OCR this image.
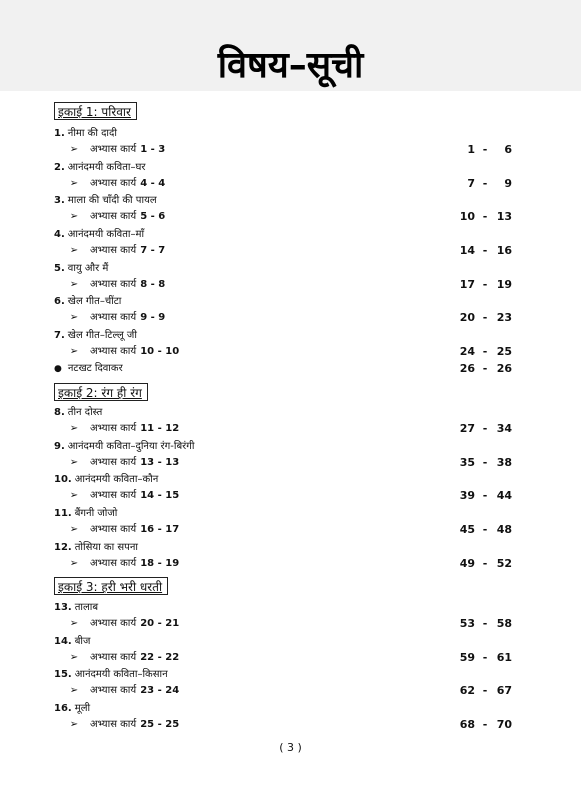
विषय–सूची
इकाई 1: परिवार
1. नीमा की दादी
➢ अभ्यास कार्य 1 - 3	1 -	6
2. आनंदमयी कविता–घर
➢ अभ्यास कार्य 4 - 4	7 -	9
3. माला की चाँदी की पायल
➢ अभ्यास कार्य 5 - 6	10 - 13
4. आनंदमयी कविता–माँ
➢ अभ्यास कार्य 7 - 7	14 - 16
5. वायु और मैं
➢ अभ्यास कार्य 8 - 8	17 - 19
6. खेल गीत–चींटा
➢ अभ्यास कार्य 9 - 9	20 - 23
7. खेल गीत–टिल्लू जी
➢ अभ्यास कार्य 10 - 10	24 - 25
● नटखट दिवाकर	26 - 26
इकाई 2: रंग ही रंग
8. तीन दोस्त
➢ अभ्यास कार्य 11 - 12	27 - 34
9. आनंदमयी कविता–दुनिया रंग-बिरंगी
➢ अभ्यास कार्य 13 - 13	35 - 38
10. आनंदमयी कविता–कौन
➢ अभ्यास कार्य 14 - 15	39 - 44
11. बैंगनी जोजो
➢ अभ्यास कार्य 16 - 17	45 - 48
12. तोसिया का सपना
➢ अभ्यास कार्य 18 - 19	49 - 52
इकाई 3: हरी भरी धरती
13. तालाब
➢ अभ्यास कार्य 20 - 21	53 - 58
14. बीज
➢ अभ्यास कार्य 22 - 22	59 - 61
15. आनंदमयी कविता–किसान
➢ अभ्यास कार्य 23 - 24	62 - 67
16. मूली
➢ अभ्यास कार्य 25 - 25	68 - 70
( 3 )
